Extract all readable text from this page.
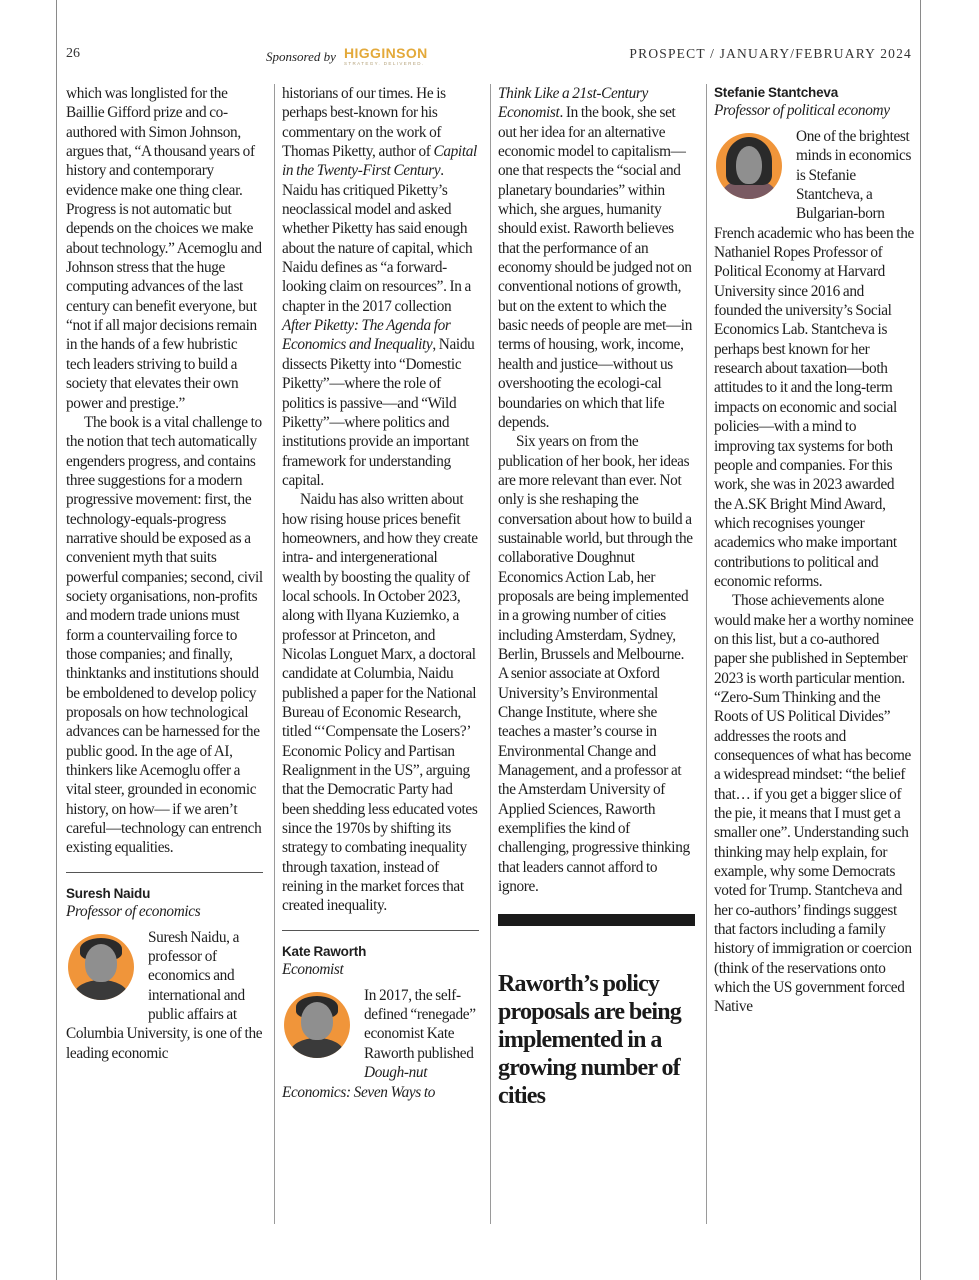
26	Sponsored by HIGGINSON
STRATEGY. DELIVERED.
PROSPECT / JANUARY/FEBRUARY 2024

which was longlisted for the Baillie Gifford prize and co-authored with Simon Johnson, argues that, “A thousand years of history and contemporary evidence make one thing clear. Progress is not automatic but depends on the choices we make about technology.” Acemoglu and Johnson stress that the huge computing advances of the last century can benefit everyone, but “not if all major decisions remain in the hands of a few hubristic tech leaders striving to build a society that elevates their own power and prestige.”

The book is a vital challenge to the notion that tech automatically engenders progress, and contains three suggestions for a modern progressive movement: first, the technology-equals-progress narrative should be exposed as a convenient myth that suits powerful companies; second, civil society organisations, non-profits and modern trade unions must form a countervailing force to those companies; and finally, thinktanks and institutions should be emboldened to develop policy proposals on how technological advances can be harnessed for the public good. In the age of AI, thinkers like Acemoglu offer a vital steer, grounded in economic history, on how— if we aren’t careful—technology can entrench existing equalities.

Suresh Naidu
Professor of economics

Suresh Naidu, a professor of economics and international and public affairs at Columbia University, is one of the leading economic

historians of our times. He is perhaps best-known for his commentary on the work of Thomas Piketty, author of Capital in the Twenty-First Century. Naidu has critiqued Piketty’s neoclassical model and asked whether Piketty has said enough about the nature of capital, which Naidu defines as “a forward-looking claim on resources”. In a chapter in the 2017 collection After Piketty: The Agenda for Economics and Inequality, Naidu dissects Piketty into “Domestic Piketty”—where the role of politics is passive—and “Wild Piketty”—where politics and institutions provide an important framework for understanding capital.

Naidu has also written about how rising house prices benefit homeowners, and how they create intra- and intergenerational wealth by boosting the quality of local schools. In October 2023, along with Ilyana Kuziemko, a professor at Princeton, and Nicolas Longuet Marx, a doctoral candidate at Columbia, Naidu published a paper for the National Bureau of Economic Research, titled “‘Compensate the Losers?’ Economic Policy and Partisan Realignment in the US”, arguing that the Democratic Party had been shedding less educated votes since the 1970s by shifting its strategy to combating inequality through taxation, instead of reining in the market forces that created inequality.

Kate Raworth
Economist

In 2017, the self-defined “renegade” economist Kate Raworth published Dough-nut Economics: Seven Ways to

Think Like a 21st-Century Economist. In the book, she set out her idea for an alternative economic model to capitalism—one that respects the “social and planetary boundaries” within which, she argues, humanity should exist. Raworth believes that the performance of an economy should be judged not on conventional notions of growth, but on the extent to which the basic needs of people are met—in terms of housing, work, income, health and justice—without us overshooting the ecologi-cal boundaries on which that life depends.

Six years on from the publication of her book, her ideas are more relevant than ever. Not only is she reshaping the conversation about how to build a sustainable world, but through the collaborative Doughnut Economics Action Lab, her proposals are being implemented in a growing number of cities including Amsterdam, Sydney, Berlin, Brussels and Melbourne. A senior associate at Oxford University’s Environmental Change Institute, where she teaches a master’s course in Environmental Change and Management, and a professor at the Amsterdam University of Applied Sciences, Raworth exemplifies the kind of challenging, progressive thinking that leaders cannot afford to ignore.

Raworth’s policy proposals are being implemented in a growing number of cities
Stefanie Stantcheva
Professor of political economy

One of the brightest minds in economics is Stefanie Stantcheva, a Bulgarian-born French academic who has been the Nathaniel Ropes Professor of Political Economy at Harvard University since 2016 and founded the university’s Social Economics Lab. Stantcheva is perhaps best known for her research about taxation—both attitudes to it and the long-term impacts on economic and social policies—with a mind to improving tax systems for both people and companies. For this work, she was in 2023 awarded the A.SK Bright Mind Award, which recognises younger academics who make important contributions to political and economic reforms.

Those achievements alone would make her a worthy nominee on this list, but a co-authored paper she published in September 2023 is worth particular mention. “Zero-Sum Thinking and the Roots of US Political Divides” addresses the roots and consequences of what has become a widespread mindset: “the belief that… if you get a bigger slice of the pie, it means that I must get a smaller one”. Understanding such thinking may help explain, for example, why some Democrats voted for Trump. Stantcheva and her co-authors’ findings suggest that factors including a family history of immigration or coercion (think of the reservations onto which the US government forced Native
